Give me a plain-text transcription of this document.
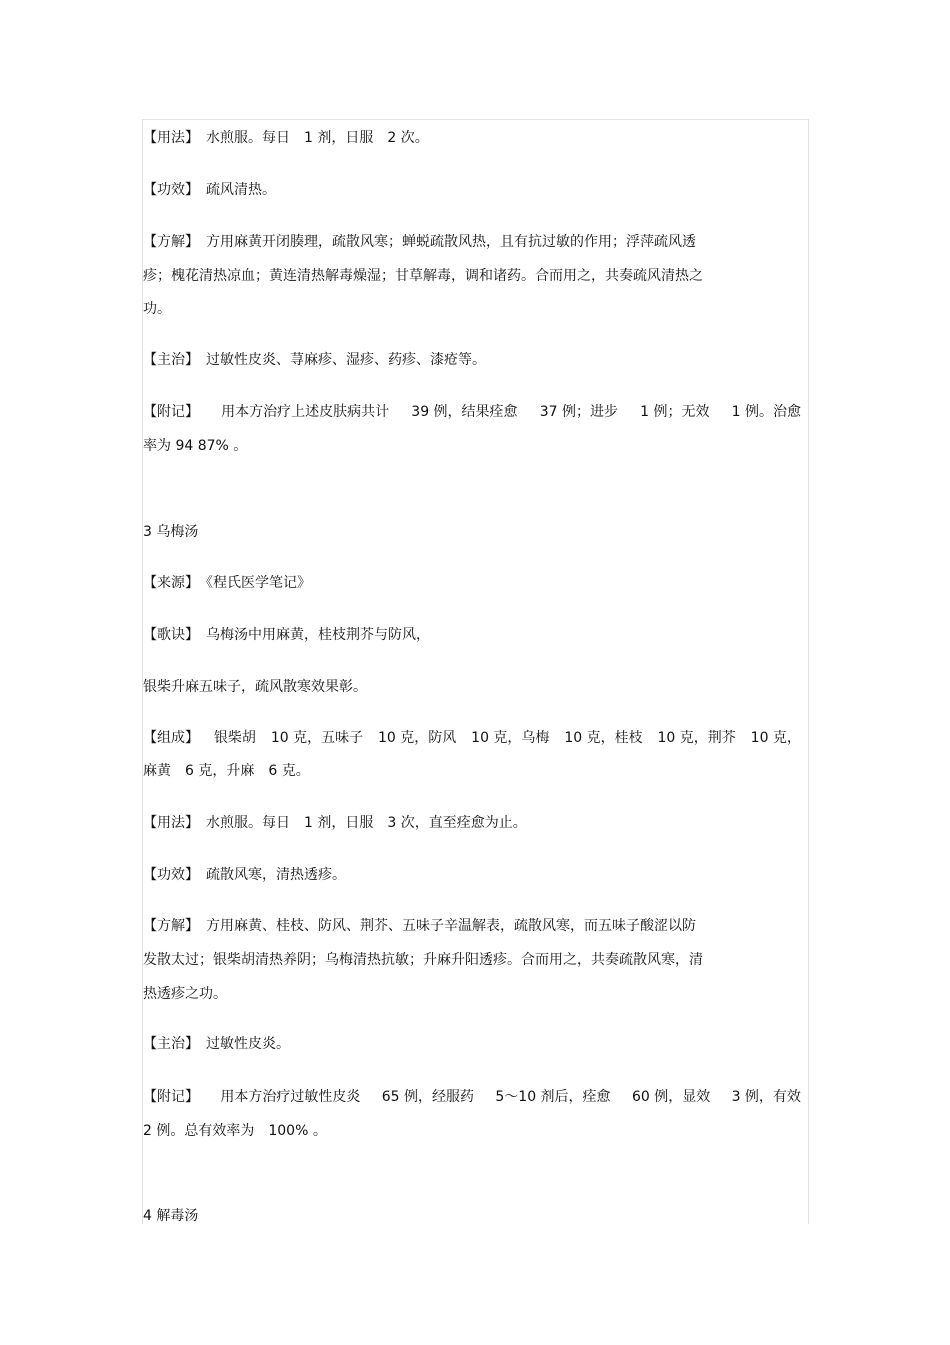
【用法】　水煎服。每日　1 剂，日服　2 次。
【功效】　疏风清热。
【方解】　方用麻黄开闭腠理，疏散风寒；蝉蜕疏散风热，且有抗过敏的作用；浮萍疏风透
疹；槐花清热凉血；黄连清热解毒燥湿；甘草解毒，调和诸药。合而用之，共奏疏风清热之
功。
【主治】　过敏性皮炎、荨麻疹、湿疹、药疹、漆疮等。
【附记】 用本方治疗上述皮肤病共计 39 例，结果痊愈 37 例；进步 1 例；无效 1 例。治愈
率为 94 87% 。
3 乌梅汤
【来源】　《程氏医学笔记》
【歌诀】　乌梅汤中用麻黄，桂枝荆芥与防风，
银柴升麻五味子，疏风散寒效果彰。
【组成】 银柴胡 10 克，五味子 10 克，防风 10 克，乌梅 10 克，桂枝 10 克，荆芥 10 克，
麻黄　6 克，升麻　6 克。
【用法】　水煎服。每日　1 剂，日服　3 次，直至痊愈为止。
【功效】　疏散风寒，清热透疹。
【方解】　方用麻黄、桂枝、防风、荆芥、五味子辛温解表，疏散风寒，而五味子酸涩以防
发散太过；银柴胡清热养阴；乌梅清热抗敏；升麻升阳透疹。合而用之，共奏疏散风寒，清
热透疹之功。
【主治】　过敏性皮炎。
【附记】 用本方治疗过敏性皮炎 65 例，经服药 5～10 剂后，痊愈 60 例，显效 3 例，有效
2 例。总有效率为　100% 。
4 解毒汤
